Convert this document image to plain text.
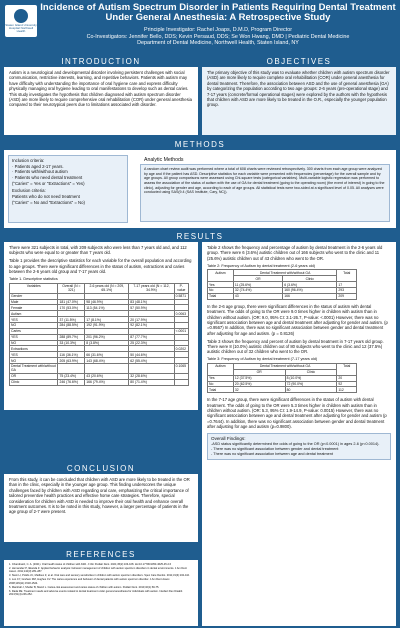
Staten Island University Hospital Northwell Health
Incidence of Autism Spectrum Disorder in Patients Requiring Dental Treatment Under General Anesthesia: A Retrospective Study
Principle Investigator: Rachel Joaps, D.M.D, Program Director
Co-Investigators: Jennifer Bello, DDS; Kevin Persaud, DDS; Se Won Hwang, DMD | Pediatric Dental Medicine
Department of Dental Medicine, Northwell Health, Staten Island, NY
INTRODUCTION	OBJECTIVES

Autism is a neurological and developmental disorder involving persistent challenges with social communication, restrictive interests, learning, and repetitive behaviors. Patients with autism may have difficulty with understanding the importance of oral hygiene care and express difficulty physically managing oral hygiene leading to oral manifestations to develop such as dental caries. This study investigates the hypothesis that children diagnosed with autism spectrum disorder (ASD) are more likely to require comprehensive oral rehabilitation (COR) under general anesthesia compared to their neurotypical peers due to limitations associated with disorder.

The primary objective of this study was to evaluate whether children with autism spectrum disorder (ASD) are more likely to require complete oral rehabilitation (COR) under general anesthesia for dental treatment. Therefore, the association between ASD and the use of general anesthesia (GA) by categorizing the population according to two age groups: 2-6 years (pre-operational stage) and 7-17 years (concrete/formal operational stages) were explored by the authors with the hypothesis that children with ASD are more likely to be treated in the O.R., especially the younger population group.

METHODS
Inclusion criteria:
· Patients aged 2-17 years.
· Patients with/without autism
· Patients who need dental treatment
("Caries" = Yes or "Extractions" = Yes)
Exclusion criteria:
Patients who do not need treatment
("Caries" = No and "Extractions" = No)
Analytic Methods
A random chart review audit was performed where a total of 608 charts were reviewed retrospectively. 300 charts from each age group were analyzed by age and if the patient has ASD. Descriptive statistics for each variable were presented with frequencies (percentage) for the overall sample and by age groups. All group comparisons were assessed using Chi-square tests (categorical variables). Multi-variable logistic regression was performed to assess the association of the status of autism with the use of GA for dental treatment (going to the operating room) (the event of interest) in going to the clinic), adjusting for gender and age, according to each of age groups. All statistical tests were two-sided at a significant level of 0.05. All analyses were conducted using SAS(9.4 (SAS Institute, Cary, NC)).
RESULTS

There were 321 subjects in total, with 209 subjects who were less than 7 years old and, and 112 subjects who were equal to or greater than 7 years old.

Table 1 provides the descriptive statistics for each variable for the overall population and according to age groups. There were significant differences in the status of autism, extractions and caries between the 2-6 years old group and 7-17 years old.

Table 1. Descriptive statistics
Variables	Overall (N = 321)	2-6 years old (N = 209, 65.1%)	7-17 years old (N = 112, 34.9%)	P-value
Gender				0.5871
Male	181 (47.0%)	98 (46.9%)	83 (48.1%)	
Female	170 (53.0%)	113 (54.1%)	57 (50.9%)	
Autism				0.0063
YES	37 (11.5%)	17 (8.1%)	20 (17.9%)	
NO	284 (88.5%)	192 (91.9%)	92 (82.1%)	
Caries				<.0001
YES	288 (89.7%)	201 (96.2%)	87 (77.7%)	
NO	33 (10.3%)	8 (3.8%)	25 (22.3%)	
Extractions				0.0202
YES	116 (36.1%)	66 (31.6%)	50 (44.6%)	
NO	205 (63.9%)	143 (68.4%)	62 (55.4%)	
Dental Treatment with/without GA				0.1065
OR	75 (23.4%)	43 (20.6%)	32 (28.6%)	
Clinic	246 (76.6%)	166 (79.4%)	80 (71.4%)	

Table 2 shows the frequency and percentage of autism by dental treatment in the 2-6 years old group. There were 6 (3.6%) autistic children out of 166 subjects who went to the clinic and 11 (25.6%) autistic children out of 43 children who went to the OR.

Table 2: Frequency of Autism by dental treatment (2-6 years old)
Autism	Dental Treatment with/without GA		Total
	OR	Clinic	
Yes	11 (25.6%)	6 (3.6%)	17
No	32 (74.4%)	160 (96.4%)	293
Total	43	166	209

In the 2-6 age group, there were significant differences in the status of autism with dental treatment. The odds of going to the OR were 9.0 times higher in children with autism than in children without autism. (OR: 9.0, 95% CI: 3.1-26.7, P-value: <.0001) However, there was no significant association between age and dental treatment after adjusting for gender and autism. (p =0.9567) In addition, there was no significant association between gender and dental treatment after adjusting for age and autism. (p = 0.8126)

Table 3 shows the frequency and percent of autism by dental treatment in 7-17 years old group. There were 8 (10.0%) autistic children out of 80 subjects who went to the clinic and 12 (37.5%) autistic children out of 32 children who went to the OR.

Table 3: Frequency of Autism by dental treatment (7-17 years old)
Autism	Dental Treatment with/without GA		Total
	OR	Clinic	
Yes	12 (37.5%)	8 (10.0%)	20
No	20 (62.5%)	72 (90.0%)	92
Total	32	80	112

In the 7-17 age group, there were significant differences in the status of autism with dental treatment. The odds of going to the OR were 5.3 times higher in children with autism than in children without autism. (OR: 5.3, 95% CI: 1.9-14.9, P-value: 0.0015) However, there was no significant association between age and dental treatment after adjusting for gender and autism (p =0.7644). In addition, there was no significant association between gender and dental treatment after adjusting for age and autism (p=0.9800).

Overall Findings:
-ASD status significantly determined the odds of going to the OR (p<0.0001) in ages 2-6 (p<0.0014).
- There was no significant association between gender and dental treatment
- There was no significant association between age and dental treatment
CONCLUSION

From this study, it can be concluded that children with ASD are more likely to be treated in the OR than in the clinic, especially in the younger age group. This finding underscores the unique challenges faced by children with ASD regarding oral care, emphasizing the critical importance of tailored preventive health practices and effective home care strategies. Therefore, special consideration for children with ASD is needed to improve their oral health and enhance overall treatment outcomes. It is to be noted in this study, however, a larger percentage of patients in the age group of 2-7 were present.

REFERENCES
1. Chandrasiri, C. A. (2021). Oral health status of children with ASD. J Clin Pediatr Dent. 2021;45(2):103-108. doi:10.17796/1053-4625-45.2.6
2. Hernandez P, Ikkanda Z. Applied behavior analysis: behavior management of children with autism spectrum disorders in dental environments. J Am Dent Assoc. 2011;142(3):281-287.
3. Stein LI, Polido JC, Mailloux Z, et al. Oral care and sensory sensitivities in children with autism spectrum disorders. Spec Care Dentist. 2011;31(3):102-110.
4. Loo CY, Graham RM, Hughes CV. The caries experience and behavior of dental patients with autism spectrum disorder. J Am Dent Assoc. 2008;139(11):1518-1524.
5. Marshall J, Sheller B, Mancl L. Caries-risk assessment and caries status of children with autism. Pediatr Dent. 2010;32(1):69-75.
6. Rada RE. Treatment needs and adverse events related to dental treatment under general anesthesia for individuals with autism. Intellect Dev Disabil. 2013;51(4):246-252.
